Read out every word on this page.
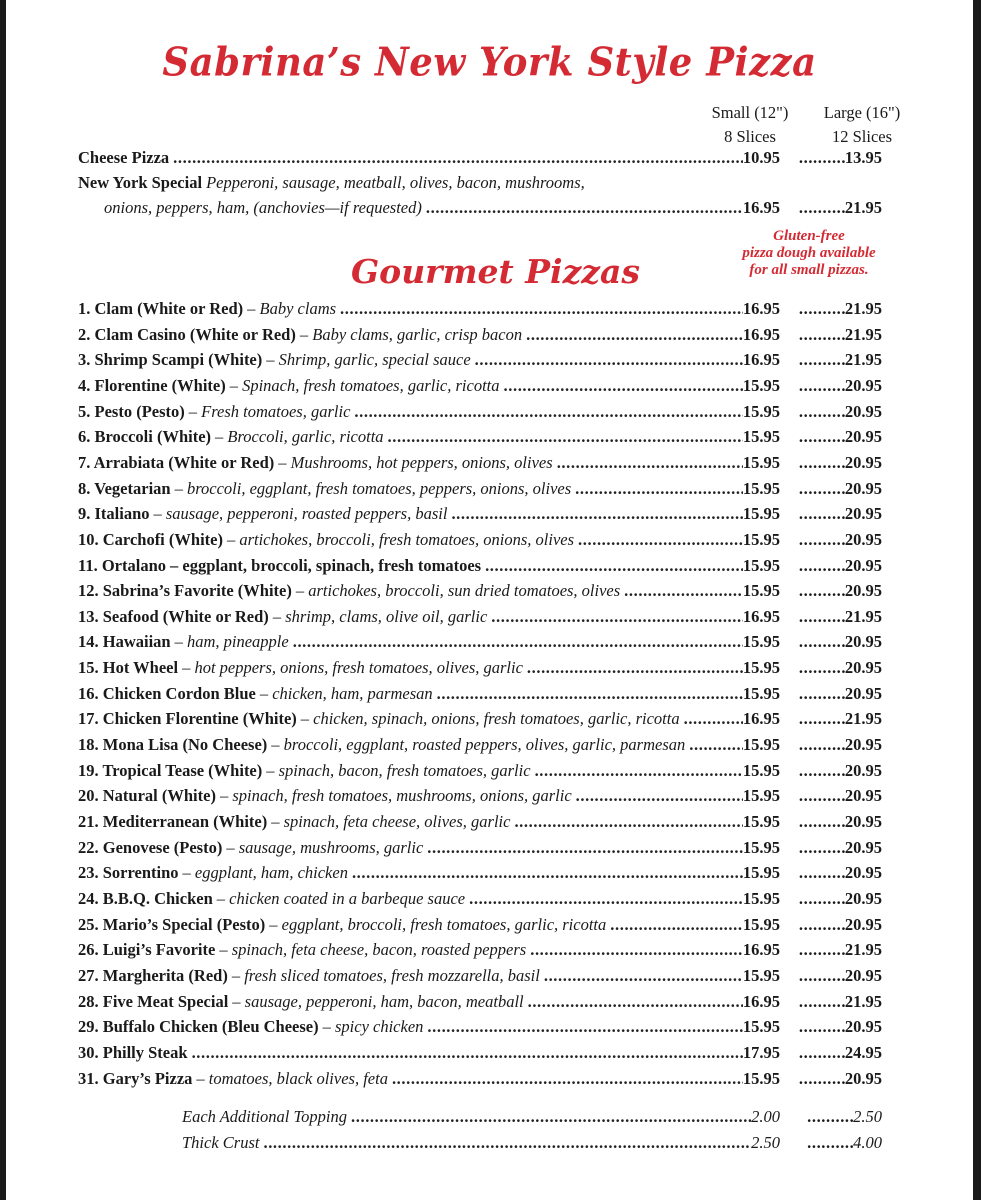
Sabrina’s New York Style Pizza
Small (12")
8 Slices
Large (16")
12 Slices
Cheese Pizza .....	10.95 .....	13.95
New York Special Pepperoni, sausage, meatball, olives, bacon, mushrooms,
onions, peppers, ham, (anchovies—if requested) .....	16.95 .....	21.95
Gluten-free
pizza dough available
for all small pizzas.
Gourmet Pizzas
1. Clam (White or Red) – Baby clams .....	16.95 .....	21.95
2. Clam Casino (White or Red) – Baby clams, garlic, crisp bacon .....	16.95 .....	21.95
3. Shrimp Scampi (White) – Shrimp, garlic, special sauce .....	16.95 .....	21.95
4. Florentine (White) – Spinach, fresh tomatoes, garlic, ricotta .....	15.95 .....	20.95
5. Pesto (Pesto) – Fresh tomatoes, garlic .....	15.95 .....	20.95
6. Broccoli (White) – Broccoli, garlic, ricotta .....	15.95 .....	20.95
7. Arrabiata (White or Red) – Mushrooms, hot peppers, onions, olives .....	15.95 .....	20.95
8. Vegetarian – broccoli, eggplant, fresh tomatoes, peppers, onions, olives .....	15.95 .....	20.95
9. Italiano – sausage, pepperoni, roasted peppers, basil .....	15.95 .....	20.95
10. Carchofi (White) – artichokes, broccoli, fresh tomatoes, onions, olives .....	15.95 .....	20.95
11. Ortalano – eggplant, broccoli, spinach, fresh tomatoes .....	15.95 .....	20.95
12. Sabrina’s Favorite (White) – artichokes, broccoli, sun dried tomatoes, olives .....	15.95 .....	20.95
13. Seafood (White or Red) – shrimp, clams, olive oil, garlic .....	16.95 .....	21.95
14. Hawaiian – ham, pineapple .....	15.95 .....	20.95
15. Hot Wheel – hot peppers, onions, fresh tomatoes, olives, garlic .....	15.95 .....	20.95
16. Chicken Cordon Blue – chicken, ham, parmesan .....	15.95 .....	20.95
17. Chicken Florentine (White) – chicken, spinach, onions, fresh tomatoes, garlic, ricotta .....	16.95 .....	21.95
18. Mona Lisa (No Cheese) – broccoli, eggplant, roasted peppers, olives, garlic, parmesan .....	15.95 .....	20.95
19. Tropical Tease (White) – spinach, bacon, fresh tomatoes, garlic .....	15.95 .....	20.95
20. Natural (White) – spinach, fresh tomatoes, mushrooms, onions, garlic .....	15.95 .....	20.95
21. Mediterranean (White) – spinach, feta cheese, olives, garlic .....	15.95 .....	20.95
22. Genovese (Pesto) – sausage, mushrooms, garlic .....	15.95 .....	20.95
23. Sorrentino – eggplant, ham, chicken .....	15.95 .....	20.95
24. B.B.Q. Chicken – chicken coated in a barbeque sauce .....	15.95 .....	20.95
25. Mario’s Special (Pesto) – eggplant, broccoli, fresh tomatoes, garlic, ricotta .....	15.95 .....	20.95
26. Luigi’s Favorite – spinach, feta cheese, bacon, roasted peppers .....	16.95 .....	21.95
27. Margherita (Red) – fresh sliced tomatoes, fresh mozzarella, basil .....	15.95 .....	20.95
28. Five Meat Special – sausage, pepperoni, ham, bacon, meatball .....	16.95 .....	21.95
29. Buffalo Chicken (Bleu Cheese) – spicy chicken .....	15.95 .....	20.95
30. Philly Steak .....	17.95 .....	24.95
31. Gary’s Pizza – tomatoes, black olives, feta .....	15.95 .....	20.95
Each Additional Topping .....	2.00 .....	2.50
Thick Crust .....	2.50 .....	4.00
